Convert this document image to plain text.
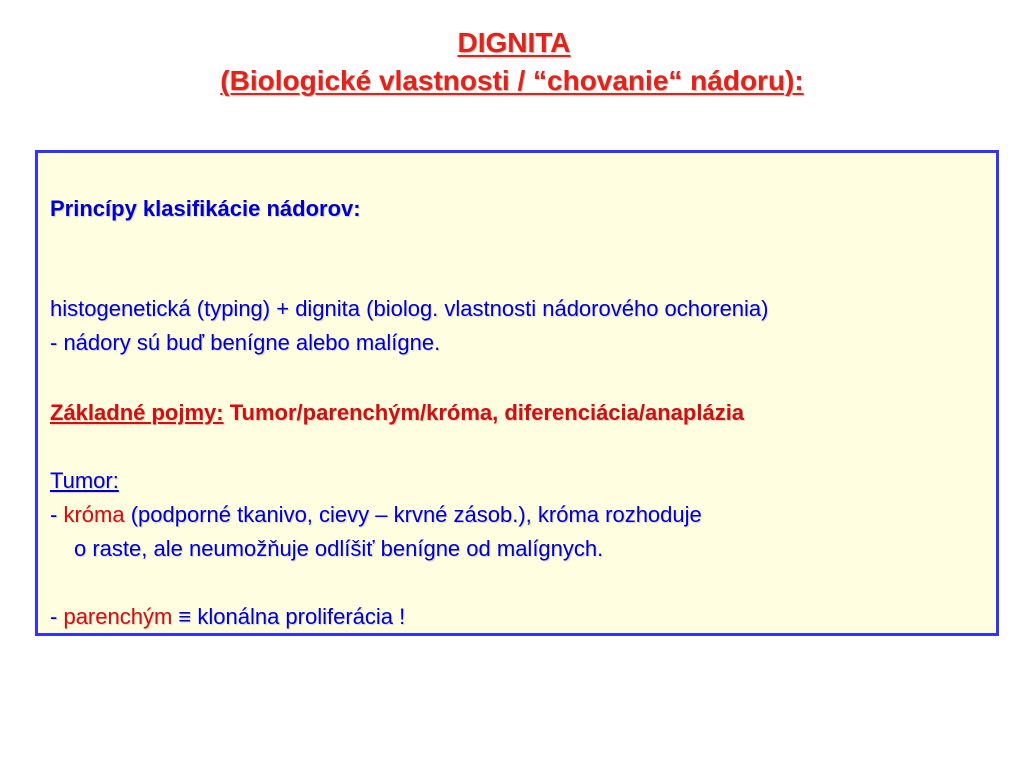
DIGNITA
(Biologické vlastnosti / “chovanie“ nádoru):
Princípy klasifikácie nádorov:
histogenetická (typing) + dignita (biolog. vlastnosti nádorového ochorenia)
- nádory sú buď benígne alebo malígne.
Základné pojmy: Tumor/parenchým/króma, diferenciácia/anaplázia
Tumor:
- króma (podporné tkanivo, cievy – krvné zásob.), króma rozhoduje
o raste, ale neumožňuje odlíšiť benígne od malígnych.
- parenchým ≡ klonálna proliferácia !
